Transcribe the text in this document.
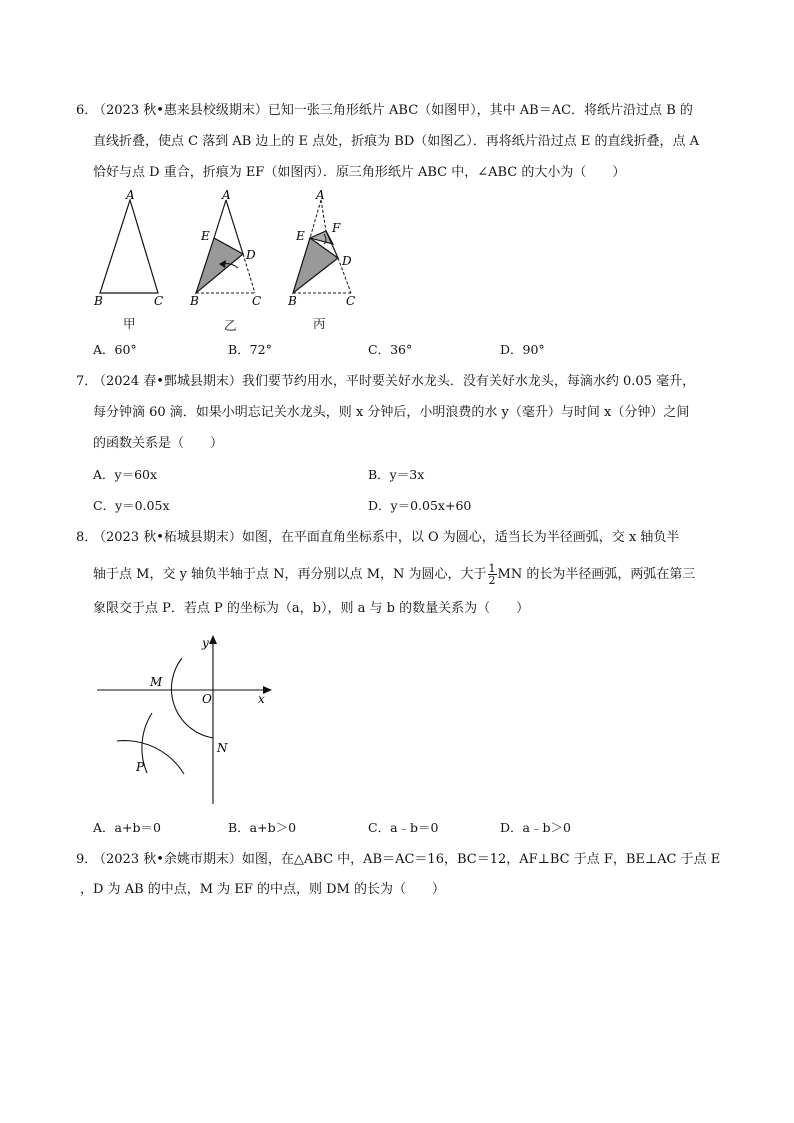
6．
（2023 秋•惠来县校级期末）已知一张三角形纸片 ABC（如图甲），其中 AB＝AC．将纸片沿过点 B 的
直线折叠，使点 C 落到 AB 边上的 E 点处，折痕为 BD（如图乙）．再将纸片沿过点 E 的直线折叠，点 A
恰好与点 D 重合，折痕为 EF（如图丙）．原三角形纸片 ABC 中，∠ABC 的大小为（　　）
A
B	C
A
E
D
B	C
A
E
F
D
B	C
甲	乙	丙
A．60°	B．72°	C．36°	D．90°
7．
（2024 春•鄄城县期末）我们要节约用水，平时要关好水龙头．没有关好水龙头，每滴水约 0.05 毫升，
每分钟滴 60 滴．如果小明忘记关水龙头，则 x 分钟后，小明浪费的水 y（毫升）与时间 x（分钟）之间
的函数关系是（　　）
A．y＝60x	B．y＝3x
C．y＝0.05x	D．y＝0.05x+60
8．
（2023 秋•柘城县期末）如图，在平面直角坐标系中，以 O 为圆心，适当长为半径画弧，交 x 轴负半
轴于点 M，交 y 轴负半轴于点 N，再分别以点 M，N 为圆心，大于 $\frac{1}{2}$ MN 的长为半径画弧，两弧在第三
象限交于点 P．若点 P 的坐标为（a，b），则 a 与 b 的数量关系为（　　）
y
x
O
M
N
P
A．a+b＝0	B．a+b＞0	C．a﹣b＝0	D．a﹣b＞0
9．
（2023 秋•余姚市期末）如图，在△ABC 中，AB＝AC＝16，BC＝12，AF⊥BC 于点 F，BE⊥AC 于点 E
，D 为 AB 的中点，M 为 EF 的中点，则 DM 的长为（　　）
